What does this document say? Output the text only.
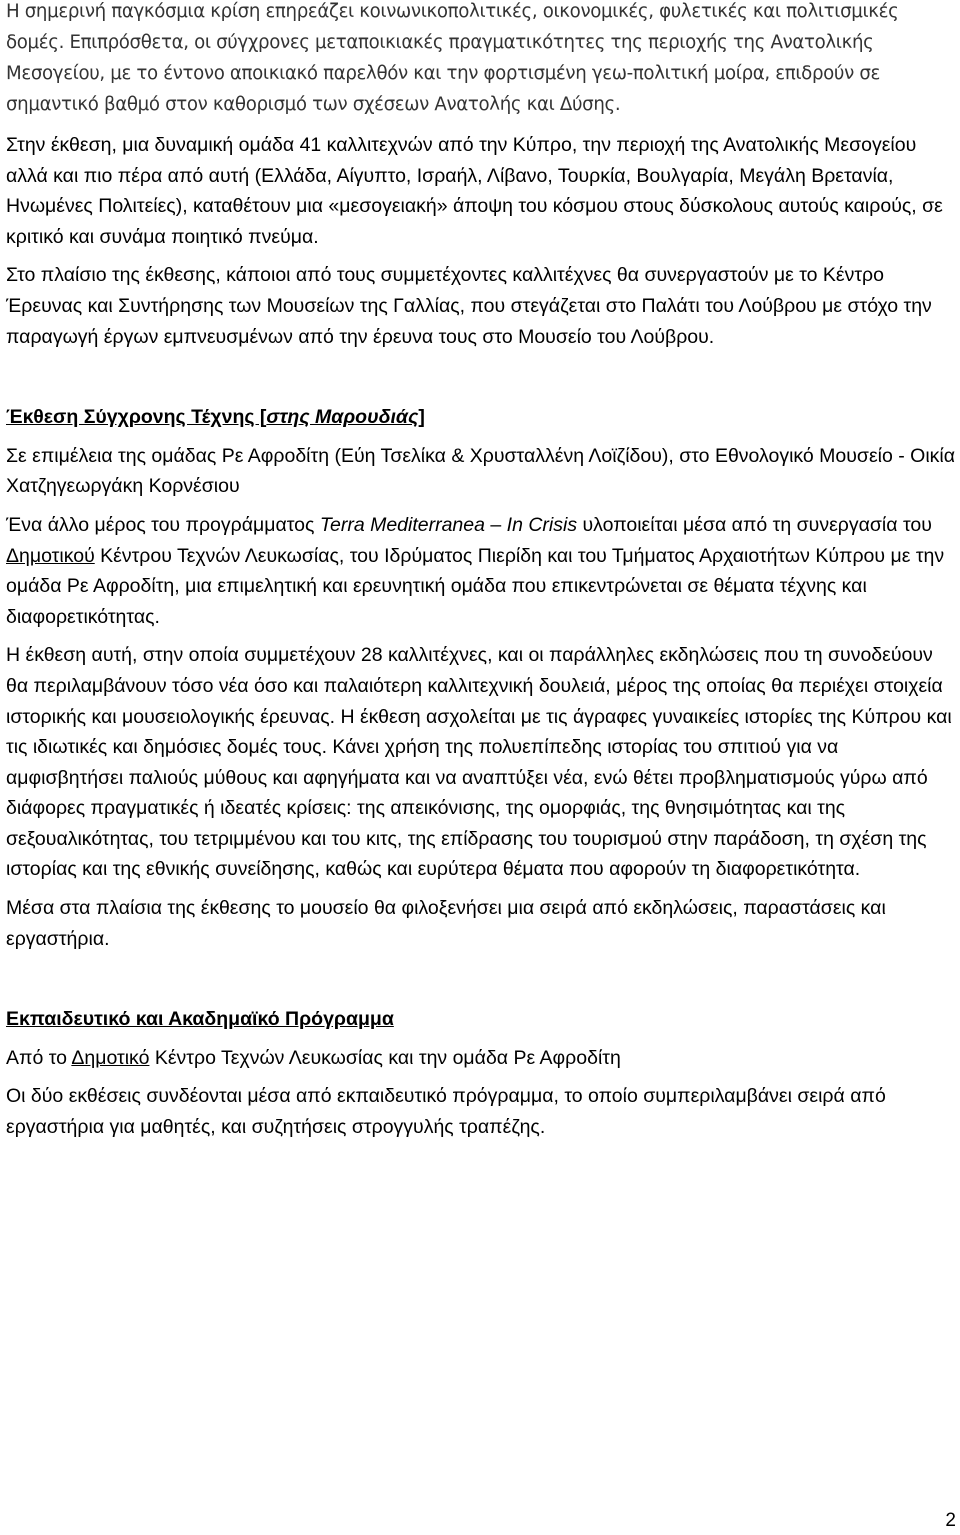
Η σημερινή παγκόσμια κρίση επηρεάζει κοινωνικοπολιτικές, οικονομικές, φυλετικές και πολιτισμικές δομές. Επιπρόσθετα, οι σύγχρονες μεταποικιακές πραγματικότητες της περιοχής της Ανατολικής Μεσογείου, με το έντονο αποικιακό παρελθόν και την φορτισμένη γεω-πολιτική μοίρα, επιδρούν σε σημαντικό βαθμό στον καθορισμό των σχέσεων Ανατολής και Δύσης.

Στην έκθεση, μια δυναμική ομάδα 41 καλλιτεχνών από την Κύπρο, την περιοχή της Ανατολικής Μεσογείου αλλά και πιο πέρα από αυτή (Ελλάδα, Αίγυπτο, Ισραήλ, Λίβανο, Τουρκία, Βουλγαρία, Μεγάλη Βρετανία, Ηνωμένες Πολιτείες), καταθέτουν μια «μεσογειακή» άποψη του κόσμου στους δύσκολους αυτούς καιρούς, σε κριτικό και συνάμα ποιητικό πνεύμα.

Στο πλαίσιο της έκθεσης, κάποιοι από τους συμμετέχοντες καλλιτέχνες θα συνεργαστούν με το Κέντρο Έρευνας και Συντήρησης των Μουσείων της Γαλλίας, που στεγάζεται στο Παλάτι του Λούβρου με στόχο την παραγωγή έργων εμπνευσμένων από την έρευνα τους στο Μουσείο του Λούβρου.

Έκθεση Σύγχρονης Τέχνης [στης Μαρουδιάς]

Σε επιμέλεια της ομάδας Ρε Αφροδίτη (Εύη Τσελίκα & Χρυσταλλένη Λοϊζίδου), στο Εθνολογικό Μουσείο - Οικία Χατζηγεωργάκη Κορνέσιου

Ένα άλλο μέρος του προγράμματος Terra Mediterranea – In Crisis υλοποιείται μέσα από τη συνεργασία του Δημοτικού Κέντρου Τεχνών Λευκωσίας, του Ιδρύματος Πιερίδη και του Τμήματος Αρχαιοτήτων Κύπρου με την ομάδα Ρε Αφροδίτη, μια επιμελητική και ερευνητική ομάδα που επικεντρώνεται σε θέματα τέχνης και διαφορετικότητας.

Η έκθεση αυτή, στην οποία συμμετέχουν 28 καλλιτέχνες, και οι παράλληλες εκδηλώσεις που τη συνοδεύουν θα περιλαμβάνουν τόσο νέα όσο και παλαιότερη καλλιτεχνική δουλειά, μέρος της οποίας θα περιέχει στοιχεία ιστορικής και μουσειολογικής έρευνας. Η έκθεση ασχολείται με τις άγραφες γυναικείες ιστορίες της Κύπρου και τις ιδιωτικές και δημόσιες δομές τους. Κάνει χρήση της πολυεπίπεδης ιστορίας του σπιτιού για να αμφισβητήσει παλιούς μύθους και αφηγήματα και να αναπτύξει νέα, ενώ θέτει προβληματισμούς γύρω από διάφορες πραγματικές ή ιδεατές κρίσεις: της απεικόνισης, της ομορφιάς, της θνησιμότητας και της σεξουαλικότητας, του τετριμμένου και του κιτς, της επίδρασης του τουρισμού στην παράδοση, τη σχέση της ιστορίας και της εθνικής συνείδησης, καθώς και ευρύτερα θέματα που αφορούν τη διαφορετικότητα.

Μέσα στα πλαίσια της έκθεσης το μουσείο θα φιλοξενήσει μια σειρά από εκδηλώσεις, παραστάσεις και εργαστήρια.

Εκπαιδευτικό και Ακαδημαϊκό Πρόγραμμα

Από το Δημοτικό Κέντρο Τεχνών Λευκωσίας και την ομάδα Ρε Αφροδίτη

Οι δύο εκθέσεις συνδέονται μέσα από εκπαιδευτικό πρόγραμμα, το οποίο συμπεριλαμβάνει σειρά από εργαστήρια για μαθητές, και συζητήσεις στρογγυλής τραπέζης.

2
